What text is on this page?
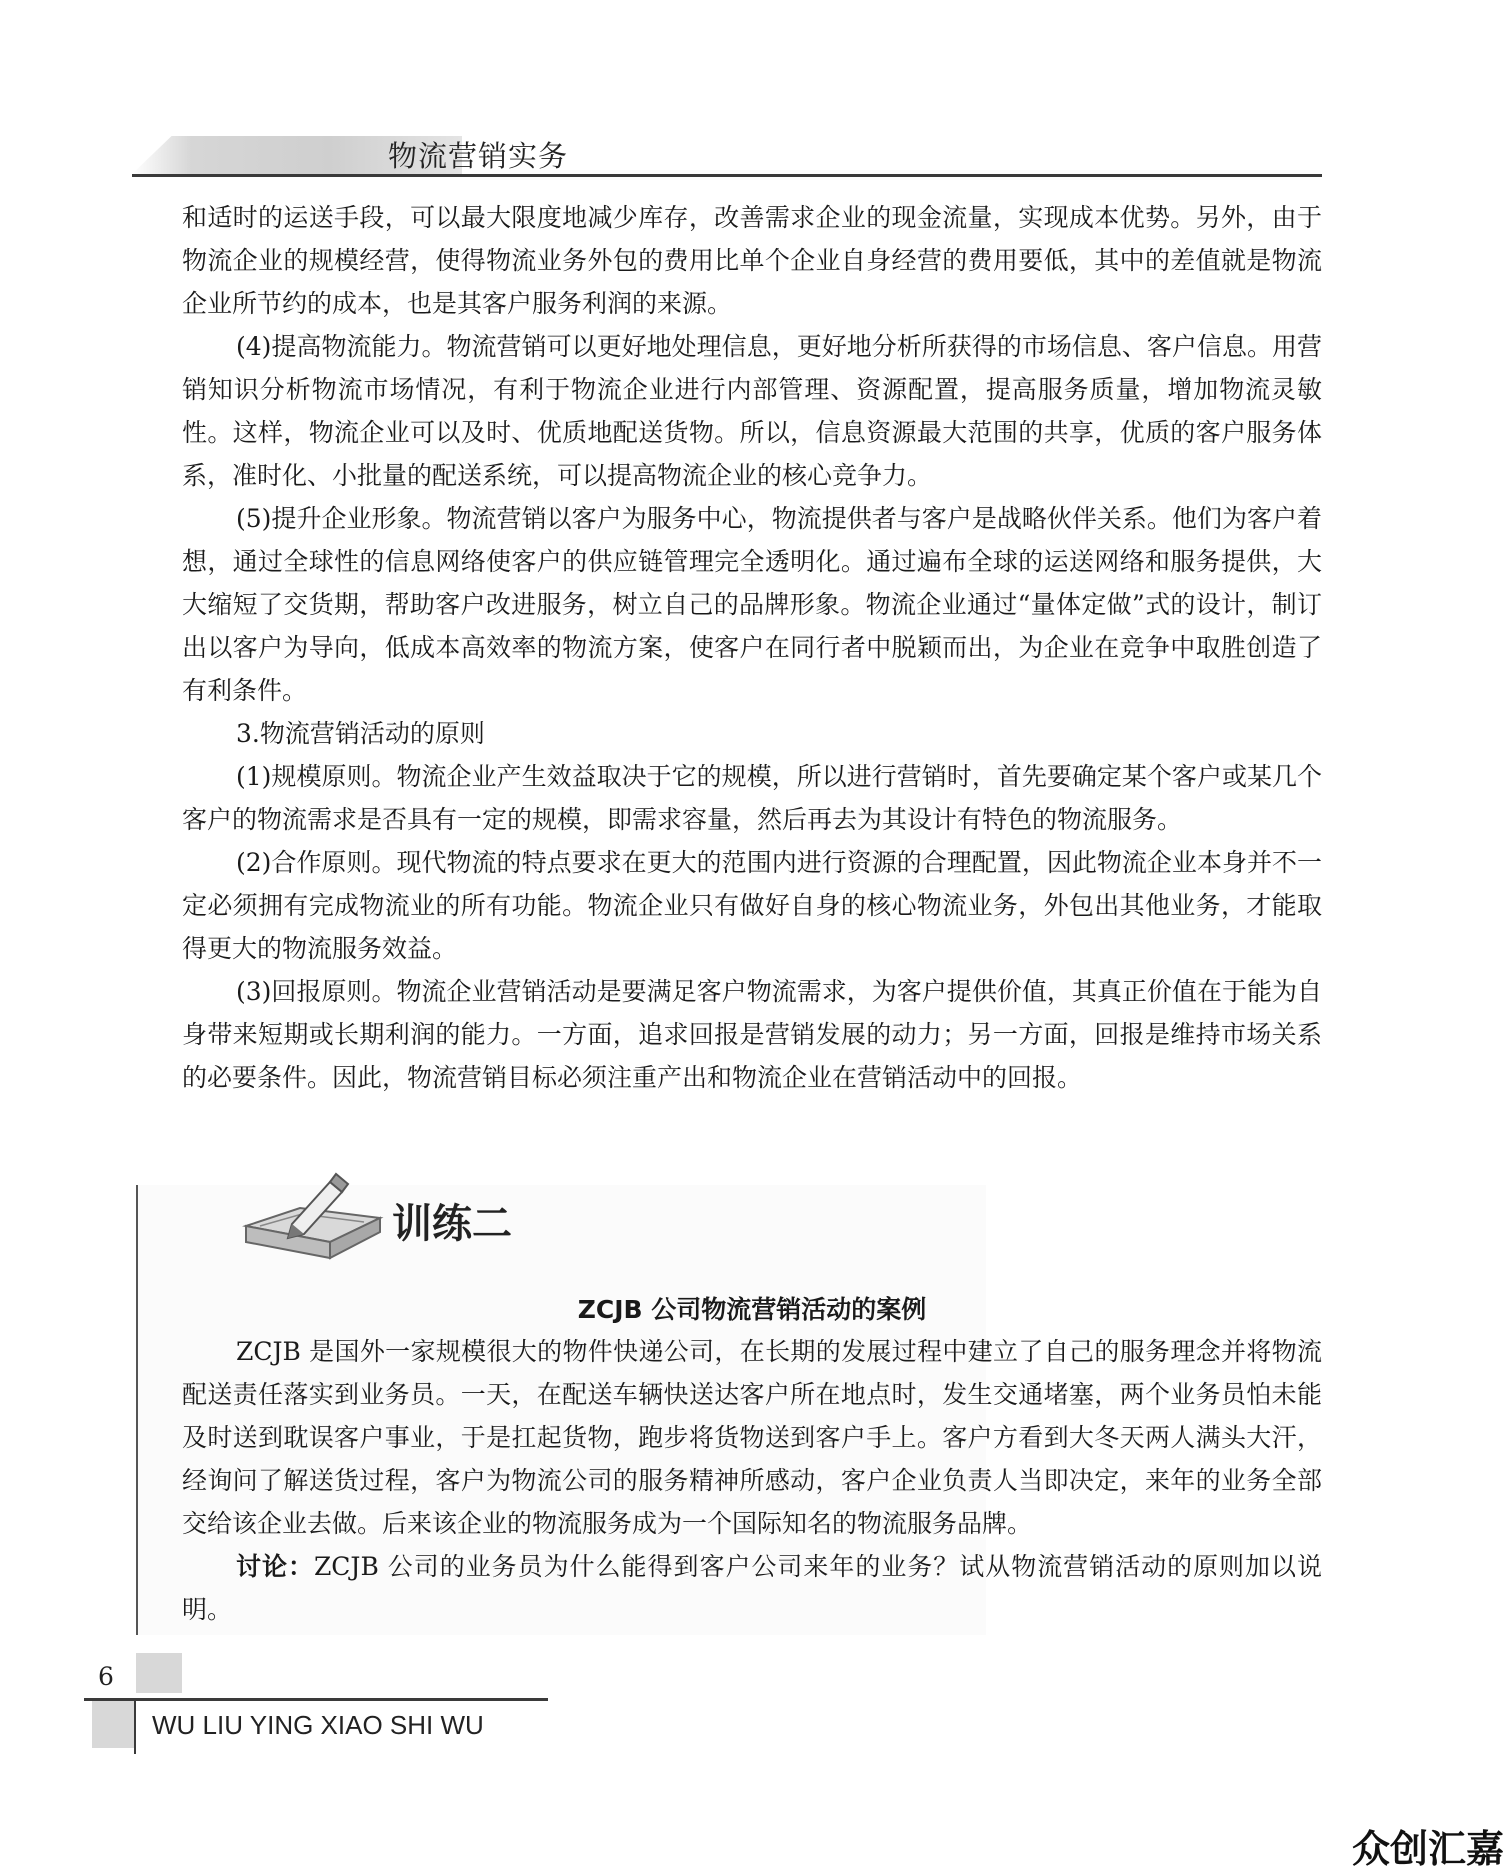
物流营销实务

和适时的运送手段，可以最大限度地减少库存，改善需求企业的现金流量，实现成本优势。另外，由于物流企业的规模经营，使得物流业务外包的费用比单个企业自身经营的费用要低，其中的差值就是物流企业所节约的成本，也是其客户服务利润的来源。

(4)提高物流能力。物流营销可以更好地处理信息，更好地分析所获得的市场信息、客户信息。用营销知识分析物流市场情况，有利于物流企业进行内部管理、资源配置，提高服务质量，增加物流灵敏性。这样，物流企业可以及时、优质地配送货物。所以，信息资源最大范围的共享，优质的客户服务体系，准时化、小批量的配送系统，可以提高物流企业的核心竞争力。

(5)提升企业形象。物流营销以客户为服务中心，物流提供者与客户是战略伙伴关系。他们为客户着想，通过全球性的信息网络使客户的供应链管理完全透明化。通过遍布全球的运送网络和服务提供，大大缩短了交货期，帮助客户改进服务，树立自己的品牌形象。物流企业通过“量体定做”式的设计，制订出以客户为导向，低成本高效率的物流方案，使客户在同行者中脱颖而出，为企业在竞争中取胜创造了有利条件。

3.物流营销活动的原则

(1)规模原则。物流企业产生效益取决于它的规模，所以进行营销时，首先要确定某个客户或某几个客户的物流需求是否具有一定的规模，即需求容量，然后再去为其设计有特色的物流服务。

(2)合作原则。现代物流的特点要求在更大的范围内进行资源的合理配置，因此物流企业本身并不一定必须拥有完成物流业的所有功能。物流企业只有做好自身的核心物流业务，外包出其他业务，才能取得更大的物流服务效益。

(3)回报原则。物流企业营销活动是要满足客户物流需求，为客户提供价值，其真正价值在于能为自身带来短期或长期利润的能力。一方面，追求回报是营销发展的动力；另一方面，回报是维持市场关系的必要条件。因此，物流营销目标必须注重产出和物流企业在营销活动中的回报。

训练二
ZCJB 公司物流营销活动的案例

ZCJB 是国外一家规模很大的物件快递公司，在长期的发展过程中建立了自己的服务理念并将物流配送责任落实到业务员。一天，在配送车辆快送达客户所在地点时，发生交通堵塞，两个业务员怕未能及时送到耽误客户事业，于是扛起货物，跑步将货物送到客户手上。客户方看到大冬天两人满头大汗，经询问了解送货过程，客户为物流公司的服务精神所感动，客户企业负责人当即决定，来年的业务全部交给该企业去做。后来该企业的物流服务成为一个国际知名的物流服务品牌。

讨论：ZCJB 公司的业务员为什么能得到客户公司来年的业务？试从物流营销活动的原则加以说明。

6
WU LIU YING XIAO SHI WU
众创汇嘉
